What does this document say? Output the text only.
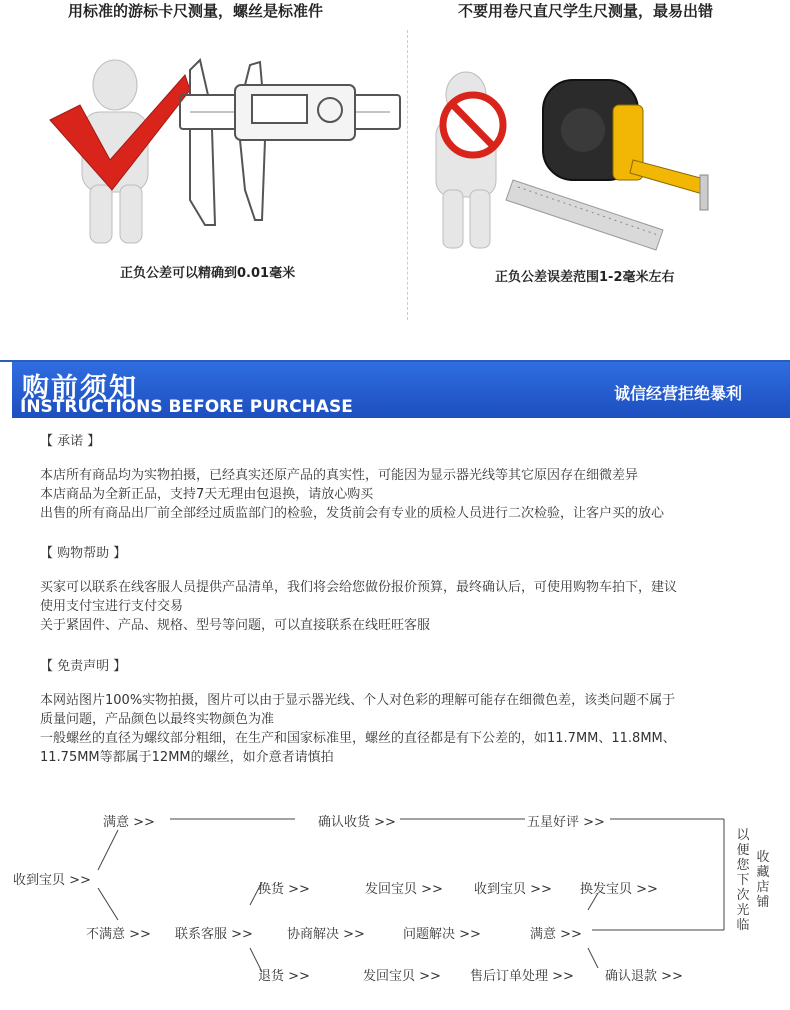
用标准的游标卡尺测量，螺丝是标准件	不要用卷尺直尺学生尺测量，最易出错
正负公差可以精确到0.01毫米	正负公差误差范围1-2毫米左右
购前须知
INSTRUCTIONS BEFORE PURCHASE
诚信经营拒绝暴利
【 承诺 】
本店所有商品均为实物拍摄，已经真实还原产品的真实性，可能因为显示器光线等其它原因存在细微差异
本店商品为全新正品，支持7天无理由包退换，请放心购买
出售的所有商品出厂前全部经过质监部门的检验，发货前会有专业的质检人员进行二次检验，让客户买的放心
【 购物帮助 】
买家可以联系在线客服人员提供产品清单，我们将会给您做份报价预算，最终确认后，可使用购物车拍下，建议
使用支付宝进行支付交易
关于紧固件、产品、规格、型号等问题，可以直接联系在线旺旺客服
【 免责声明 】
本网站图片100%实物拍摄，图片可以由于显示器光线、个人对色彩的理解可能存在细微色差，该类问题不属于
质量问题，产品颜色以最终实物颜色为准
一般螺丝的直径为螺纹部分粗细，在生产和国家标准里，螺丝的直径都是有下公差的，如11.7MM、11.8MM、
11.75MM等都属于12MM的螺丝，如介意者请慎拍
满意 >>	确认收货 >>	五星好评 >>
收到宝贝 >>
换货 >>	发回宝贝 >> 收到宝贝 >> 换发宝贝 >>
不满意 >> 联系客服 >>	协商解决 >>	问题解决 >>	满意 >>
退货 >>	发回宝贝 >> 售后订单处理 >> 确认退款 >>
以便您下次光临
收藏店铺
